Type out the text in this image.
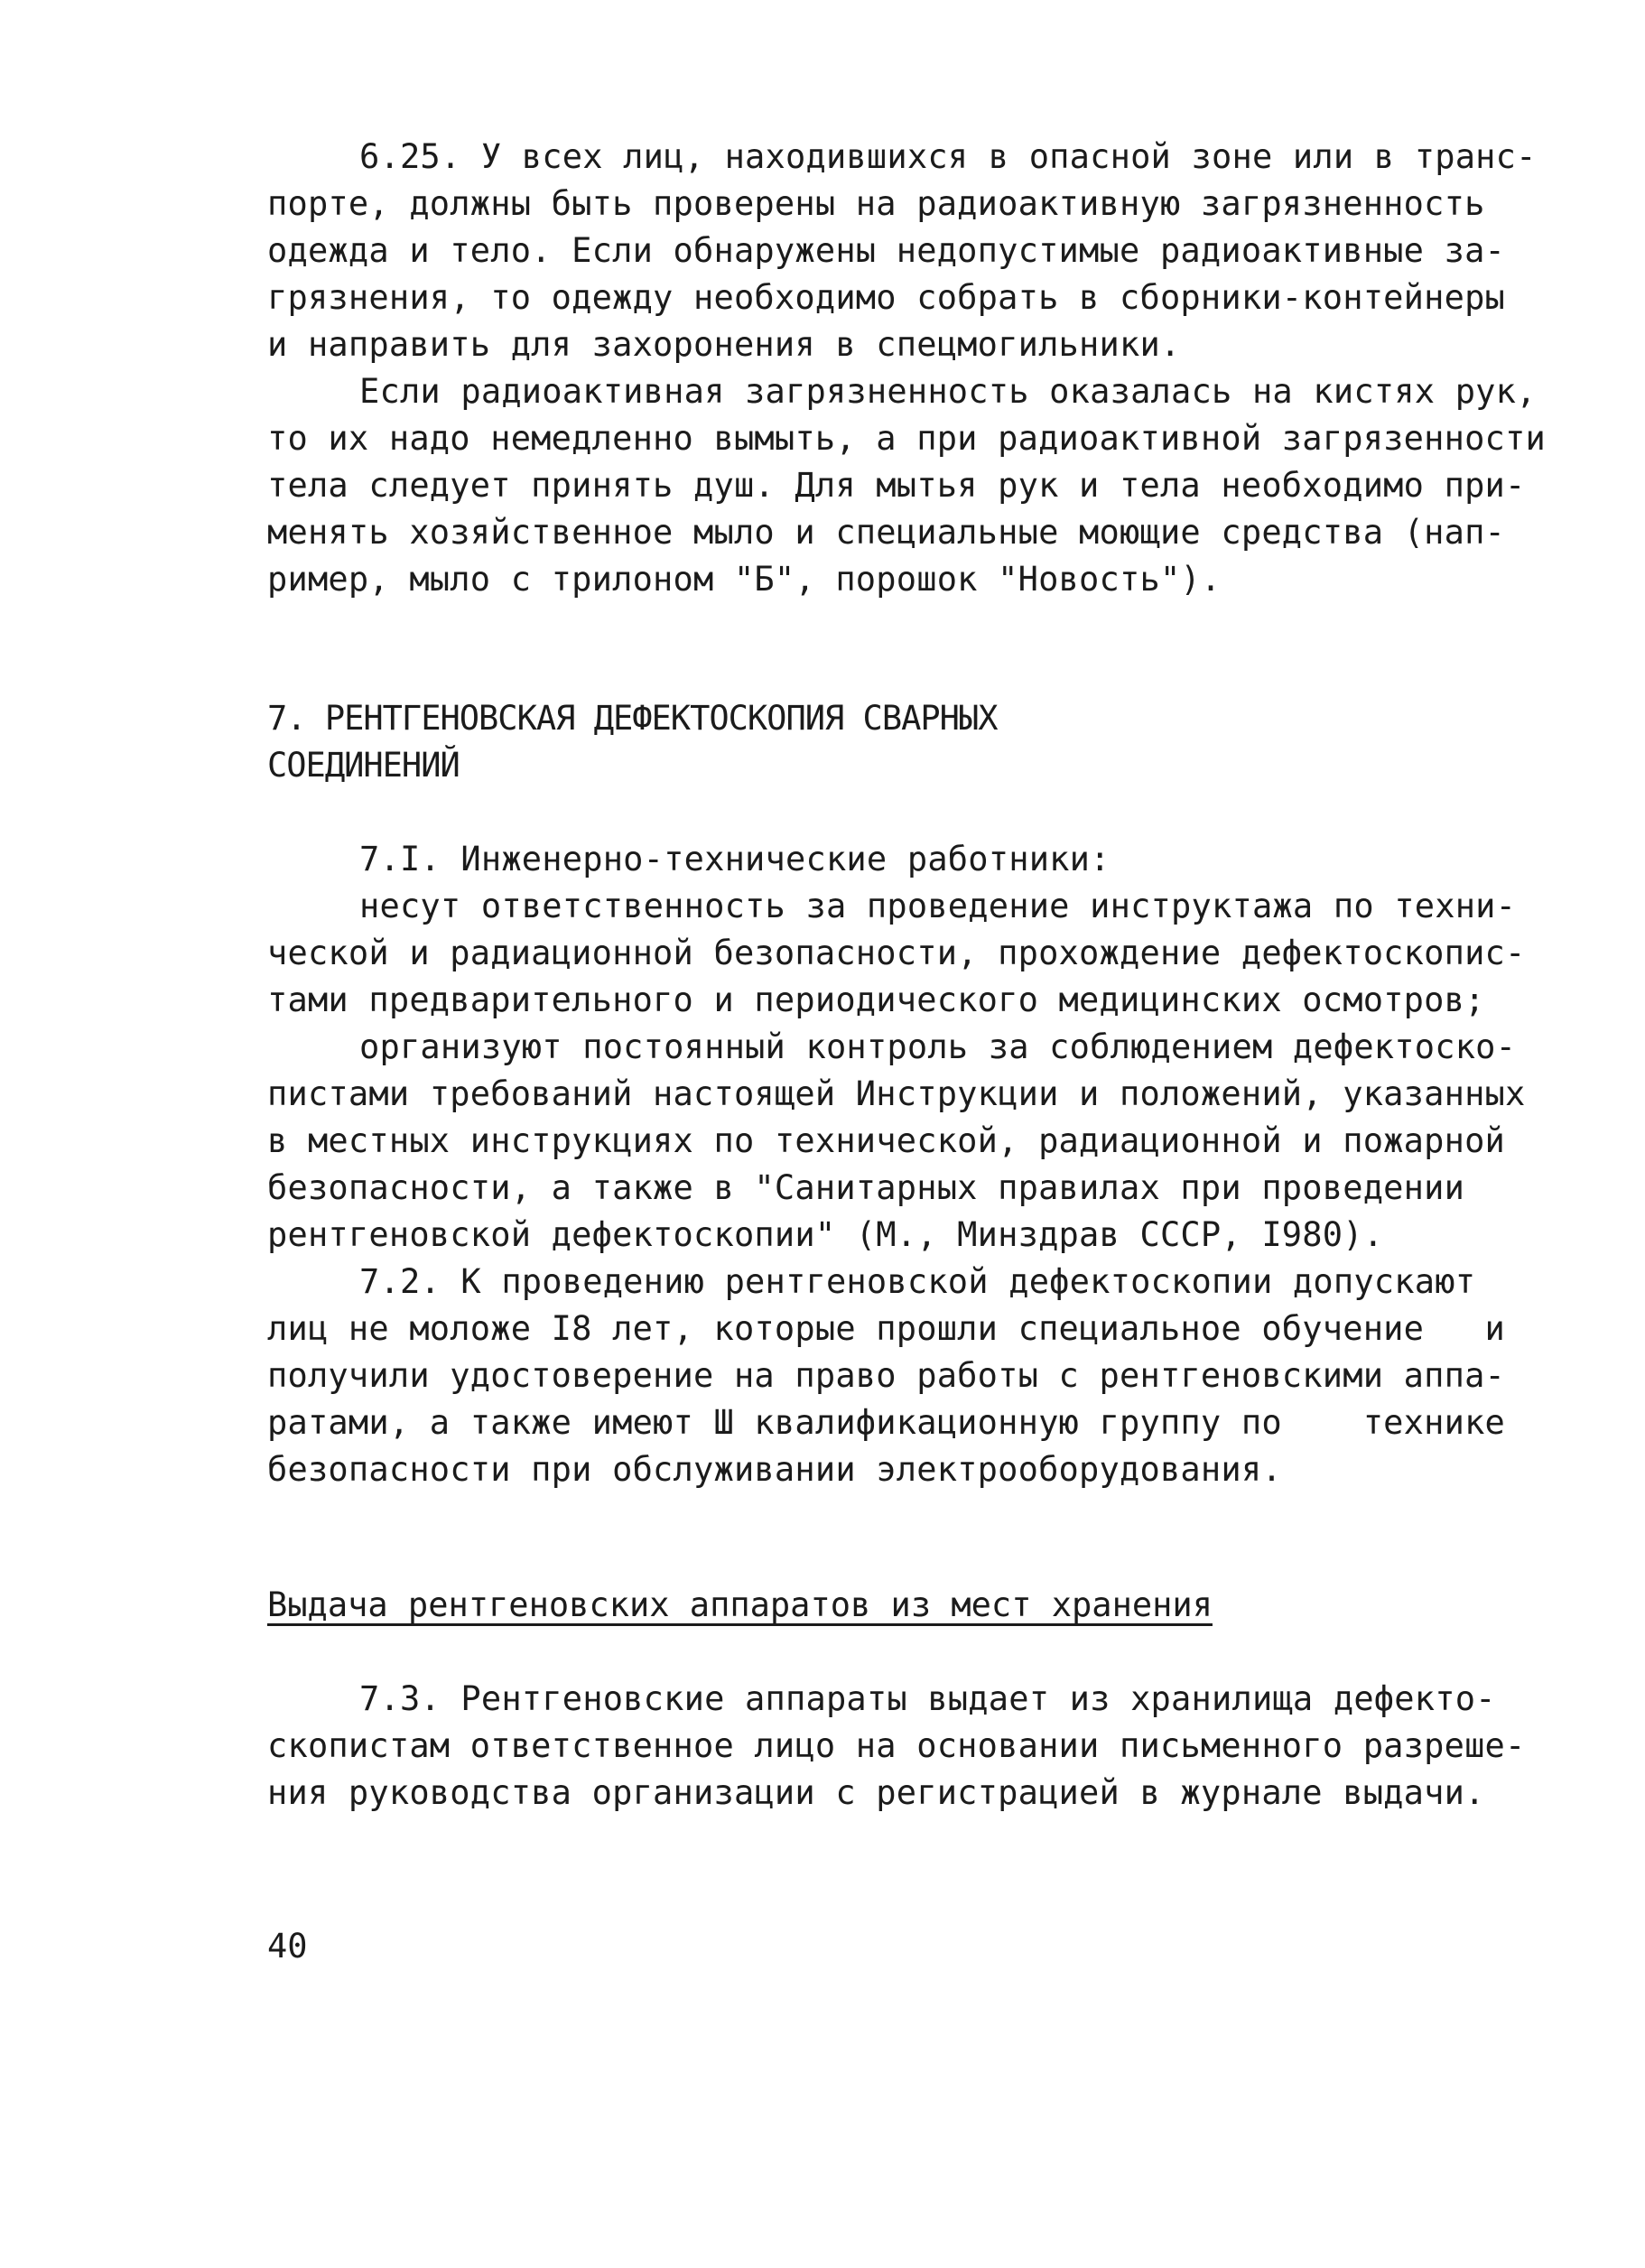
6.25. У всех лиц, находившихся в опасной зоне или в транс-
порте, должны быть проверены на радиоактивную загрязненность
одежда и тело. Если обнаружены недопустимые радиоактивные за-
грязнения, то одежду необходимо собрать в сборники-контейнеры
и направить для захоронения в спецмогильники.
Если радиоактивная загрязненность оказалась на кистях рук,
то их надо немедленно вымыть, а при радиоактивной загрязенности
тела следует принять душ. Для мытья рук и тела необходимо при-
менять хозяйственное мыло и специальные моющие средства (нап-
ример, мыло с трилоном "Б", порошок "Новость").
7. РЕНТГЕНОВСКАЯ ДЕФЕКТОСКОПИЯ СВАРНЫХ
СОЕДИНЕНИЙ
7.I. Инженерно-технические работники:
несут ответственность за проведение инструктажа по техни-
ческой и радиационной безопасности, прохождение дефектоскопис-
тами предварительного и периодического медицинских осмотров;
организуют постоянный контроль за соблюдением дефектоско-
пистами требований настоящей Инструкции и положений, указанных
в местных инструкциях по технической, радиационной и пожарной
безопасности, а также в "Санитарных правилах при проведении
рентгеновской дефектоскопии" (М., Минздрав СССР, I980).
7.2. К проведению рентгеновской дефектоскопии допускают
лиц не моложе I8 лет, которые прошли специальное обучение   и
получили удостоверение на право работы с рентгеновскими аппа-
ратами, а также имеют Ш квалификационную группу по    технике
безопасности при обслуживании электрооборудования.
Выдача рентгеновских аппаратов из мест хранения
7.3. Рентгеновские аппараты выдает из хранилища дефекто-
скопистам ответственное лицо на основании письменного разреше-
ния руководства организации с регистрацией в журнале выдачи.
40
